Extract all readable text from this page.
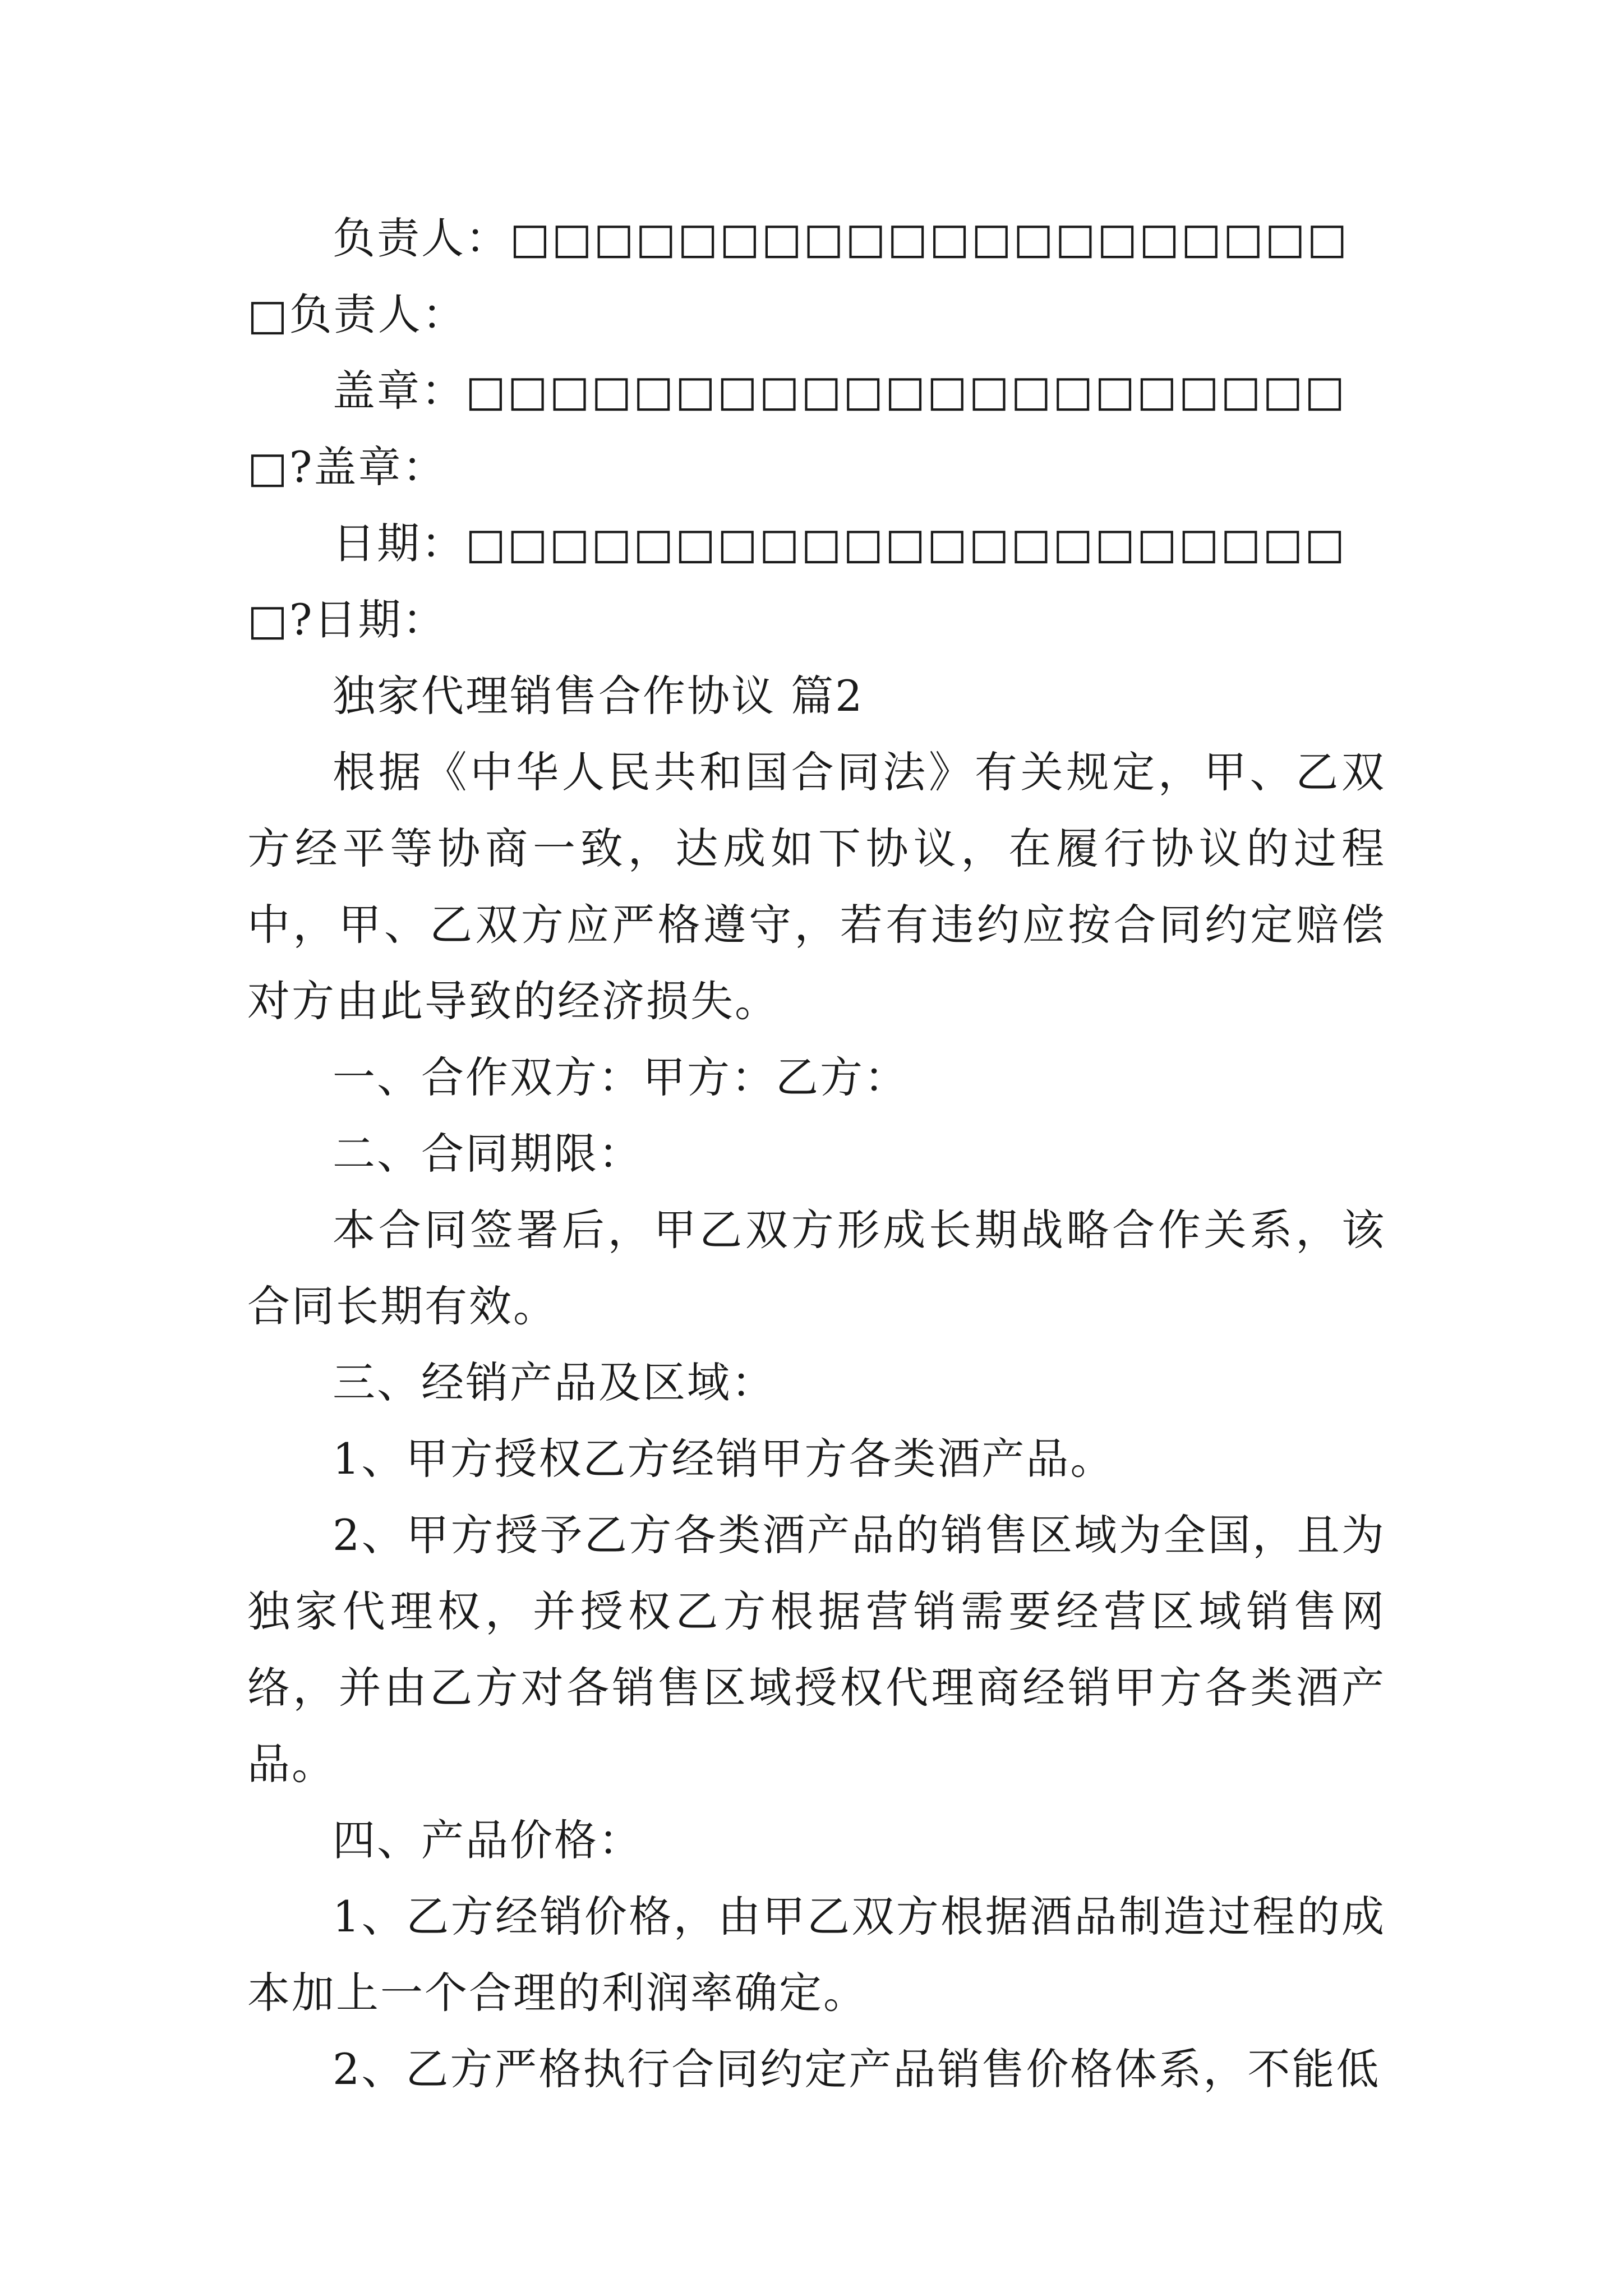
负责人：□□□□□□□□□□□□□□□□□□□□□负责人：

盖章：□□□□□□□□□□□□□□□□□□□□□□?盖章：

日期：□□□□□□□□□□□□□□□□□□□□□□?日期：

独家代理销售合作协议 篇2

根据《中华人民共和国合同法》有关规定，甲、乙双方经平等协商一致，达成如下协议，在履行协议的过程中，甲、乙双方应严格遵守，若有违约应按合同约定赔偿对方由此导致的经济损失。

一、合作双方：甲方：乙方：

二、合同期限：

本合同签署后，甲乙双方形成长期战略合作关系，该合同长期有效。

三、经销产品及区域：

1、甲方授权乙方经销甲方各类酒产品。

2、甲方授予乙方各类酒产品的销售区域为全国，且为独家代理权，并授权乙方根据营销需要经营区域销售网络，并由乙方对各销售区域授权代理商经销甲方各类酒产品。

四、产品价格：

1、乙方经销价格，由甲乙双方根据酒品制造过程的成本加上一个合理的利润率确定。

2、乙方严格执行合同约定产品销售价格体系，不能低
